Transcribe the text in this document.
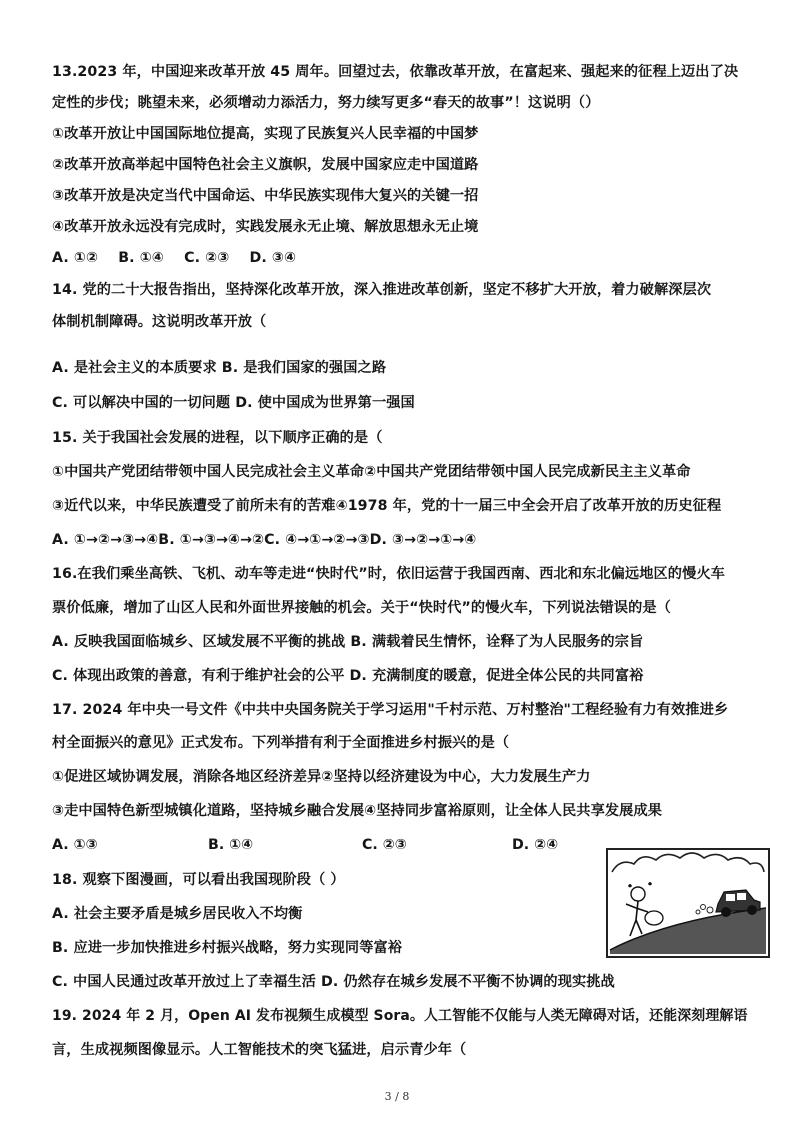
13.2023 年，中国迎来改革开放 45 周年。回望过去，依靠改革开放，在富起来、强起来的征程上迈出了决
定性的步伐；眺望未来，必须增动力添活力，努力续写更多“春天的故事”！这说明（）
①改革开放让中国国际地位提高，实现了民族复兴人民幸福的中国梦
②改革开放高举起中国特色社会主义旗帜，发展中国家应走中国道路
③改革开放是决定当代中国命运、中华民族实现伟大复兴的关键一招
④改革开放永远没有完成时，实践发展永无止境、解放思想永无止境
A. ①②    B. ①④    C. ②③    D. ③④
14. 党的二十大报告指出，坚持深化改革开放，深入推进改革创新，坚定不移扩大开放，着力破解深层次
体制机制障碍。这说明改革开放（
A. 是社会主义的本质要求 B. 是我们国家的强国之路
C. 可以解决中国的一切问题 D. 使中国成为世界第一强国
15. 关于我国社会发展的进程，以下顺序正确的是（
①中国共产党团结带领中国人民完成社会主义革命②中国共产党团结带领中国人民完成新民主主义革命
③近代以来，中华民族遭受了前所未有的苦难④1978 年，党的十一届三中全会开启了改革开放的历史征程
A. ①→②→③→④B. ①→③→④→②C. ④→①→②→③D. ③→②→①→④
16.在我们乘坐高铁、飞机、动车等走进“快时代”时，依旧运营于我国西南、西北和东北偏远地区的慢火车
票价低廉，增加了山区人民和外面世界接触的机会。关于“快时代”的慢火车，下列说法错误的是（
A. 反映我国面临城乡、区域发展不平衡的挑战 B. 满载着民生情怀，诠释了为人民服务的宗旨
C. 体现出政策的善意，有利于维护社会的公平 D. 充满制度的暖意，促进全体公民的共同富裕
17. 2024 年中央一号文件《中共中央国务院关于学习运用"千村示范、万村整治"工程经验有力有效推进乡
村全面振兴的意见》正式发布。下列举措有利于全面推进乡村振兴的是（
①促进区域协调发展，消除各地区经济差异②坚持以经济建设为中心，大力发展生产力
③走中国特色新型城镇化道路，坚持城乡融合发展④坚持同步富裕原则，让全体人民共享发展成果
A. ①③	B. ①④	C. ②③	D. ②④
18. 观察下图漫画，可以看出我国现阶段（ ）
A. 社会主要矛盾是城乡居民收入不均衡
B. 应进一步加快推进乡村振兴战略，努力实现同等富裕
C. 中国人民通过改革开放过上了幸福生活 D. 仍然存在城乡发展不平衡不协调的现实挑战
19. 2024 年 2 月，Open AI 发布视频生成模型 Sora。人工智能不仅能与人类无障碍对话，还能深刻理解语
言，生成视频图像显示。人工智能技术的突飞猛进，启示青少年（
3 / 8
